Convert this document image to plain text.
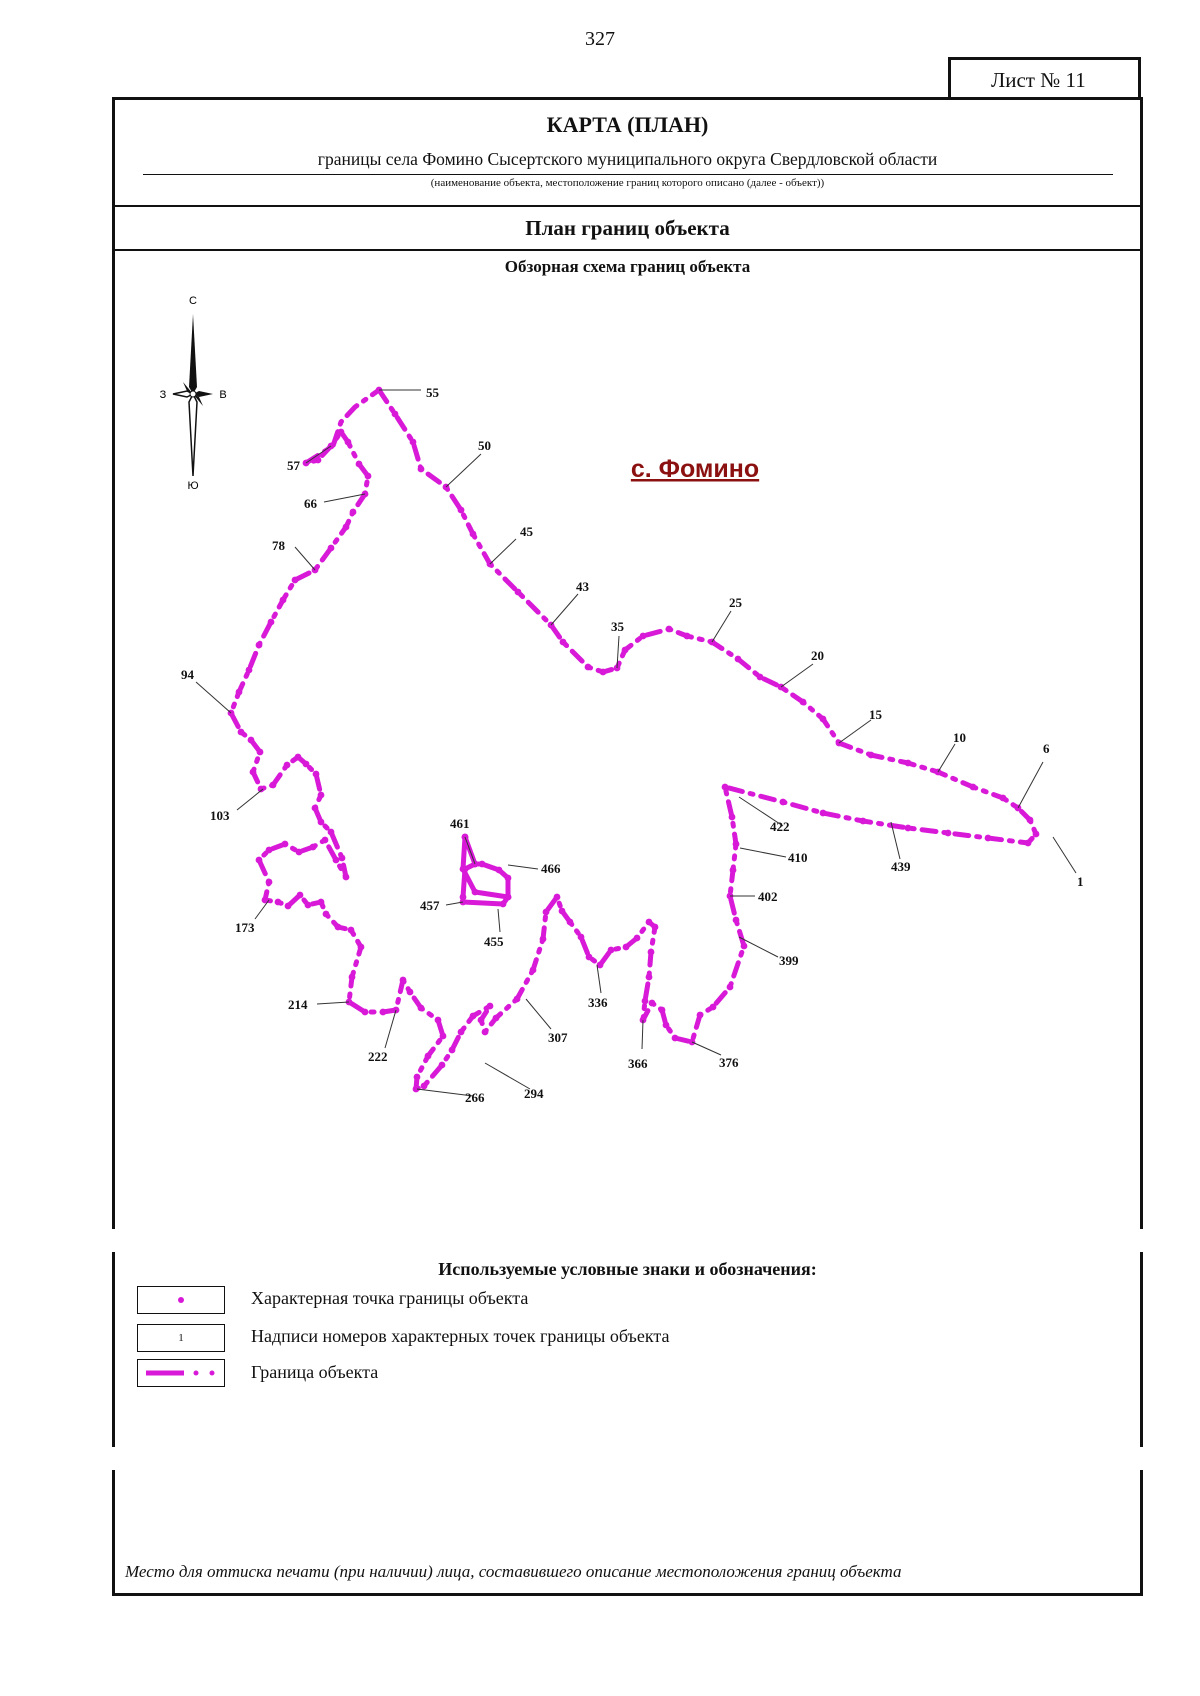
327
Лист № 11
КАРТА (ПЛАН)
границы села Фомино Сысертского муниципального округа Свердловской области
(наименование объекта, местоположение границ которого описано (далее - объект))
План границ объекта
Обзорная схема границ объекта
С
Ю
З	В
с. Фомино
55
50
57
66
45
78
43
35
25
20
94
15
10
6
103
422
410
439
1
461
466
457
402
173
455
399
336
214
307
222	366	376
294
266
Используемые условные знаки и обозначения:
Характерная точка границы объекта
1	Надписи номеров характерных точек границы объекта
Граница объекта
Место для оттиска печати (при наличии) лица, составившего описание местоположения границ объекта
